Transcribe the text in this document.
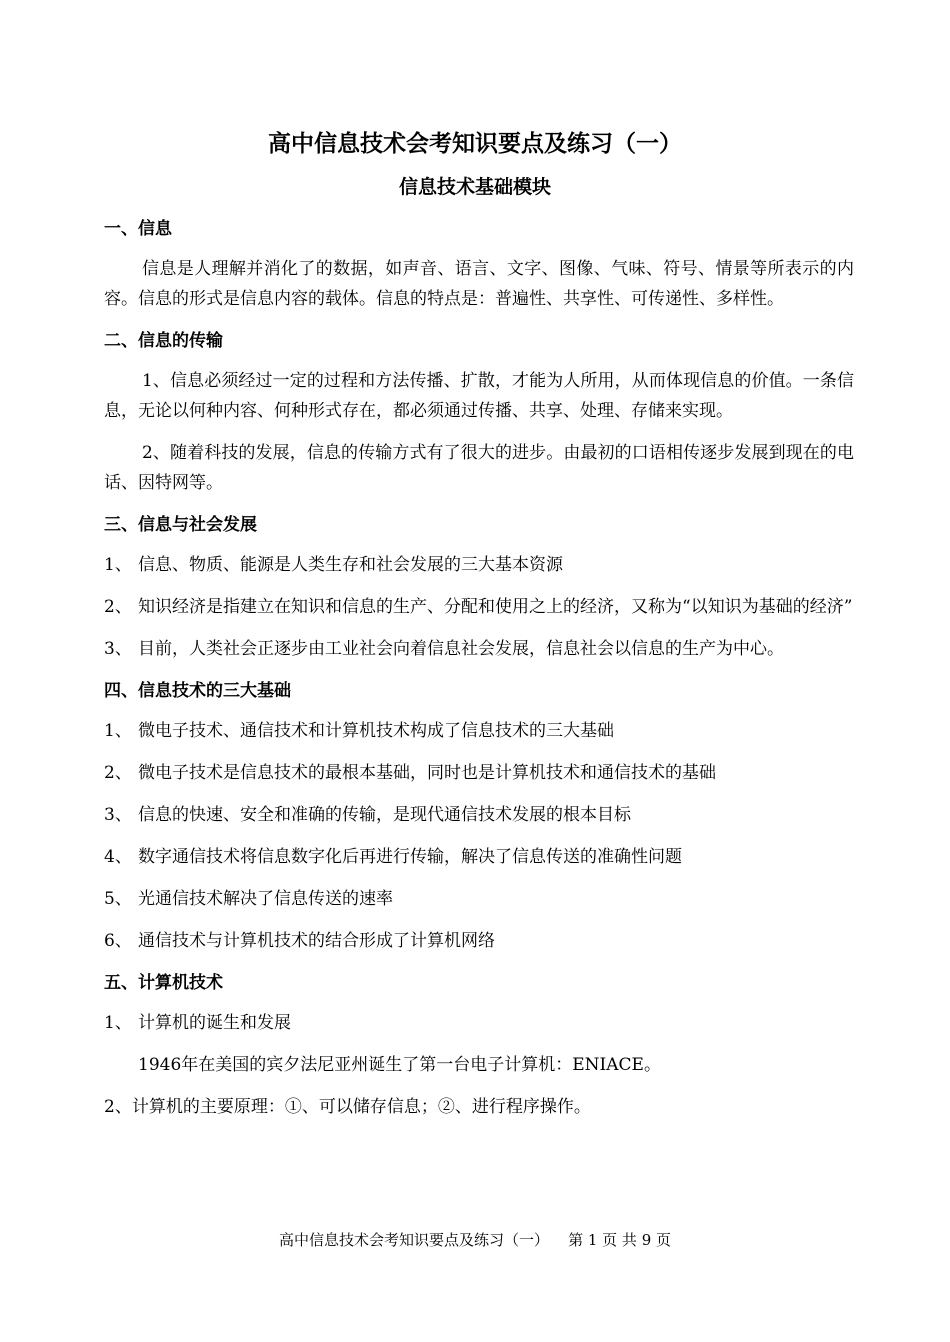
高中信息技术会考知识要点及练习（一）
信息技术基础模块
一、信息
信息是人理解并消化了的数据，如声音、语言、文字、图像、气味、符号、情景等所表示的内容。信息的形式是信息内容的载体。信息的特点是：普遍性、共享性、可传递性、多样性。
二、信息的传输
1、信息必须经过一定的过程和方法传播、扩散，才能为人所用，从而体现信息的价值。一条信息，无论以何种内容、何种形式存在，都必须通过传播、共享、处理、存储来实现。
2、随着科技的发展，信息的传输方式有了很大的进步。由最初的口语相传逐步发展到现在的电话、因特网等。
三、信息与社会发展
1、 信息、物质、能源是人类生存和社会发展的三大基本资源
2、 知识经济是指建立在知识和信息的生产、分配和使用之上的经济，又称为“以知识为基础的经济”
3、 目前，人类社会正逐步由工业社会向着信息社会发展，信息社会以信息的生产为中心。
四、信息技术的三大基础
1、 微电子技术、通信技术和计算机技术构成了信息技术的三大基础
2、 微电子技术是信息技术的最根本基础，同时也是计算机技术和通信技术的基础
3、 信息的快速、安全和准确的传输，是现代通信技术发展的根本目标
4、 数字通信技术将信息数字化后再进行传输，解决了信息传送的准确性问题
5、 光通信技术解决了信息传送的速率
6、 通信技术与计算机技术的结合形成了计算机网络
五、计算机技术
1、 计算机的诞生和发展
1946年在美国的宾夕法尼亚州诞生了第一台电子计算机：ENIACE。
2、计算机的主要原理：①、可以储存信息；②、进行程序操作。
高中信息技术会考知识要点及练习（一） 第 1 页 共 9 页
